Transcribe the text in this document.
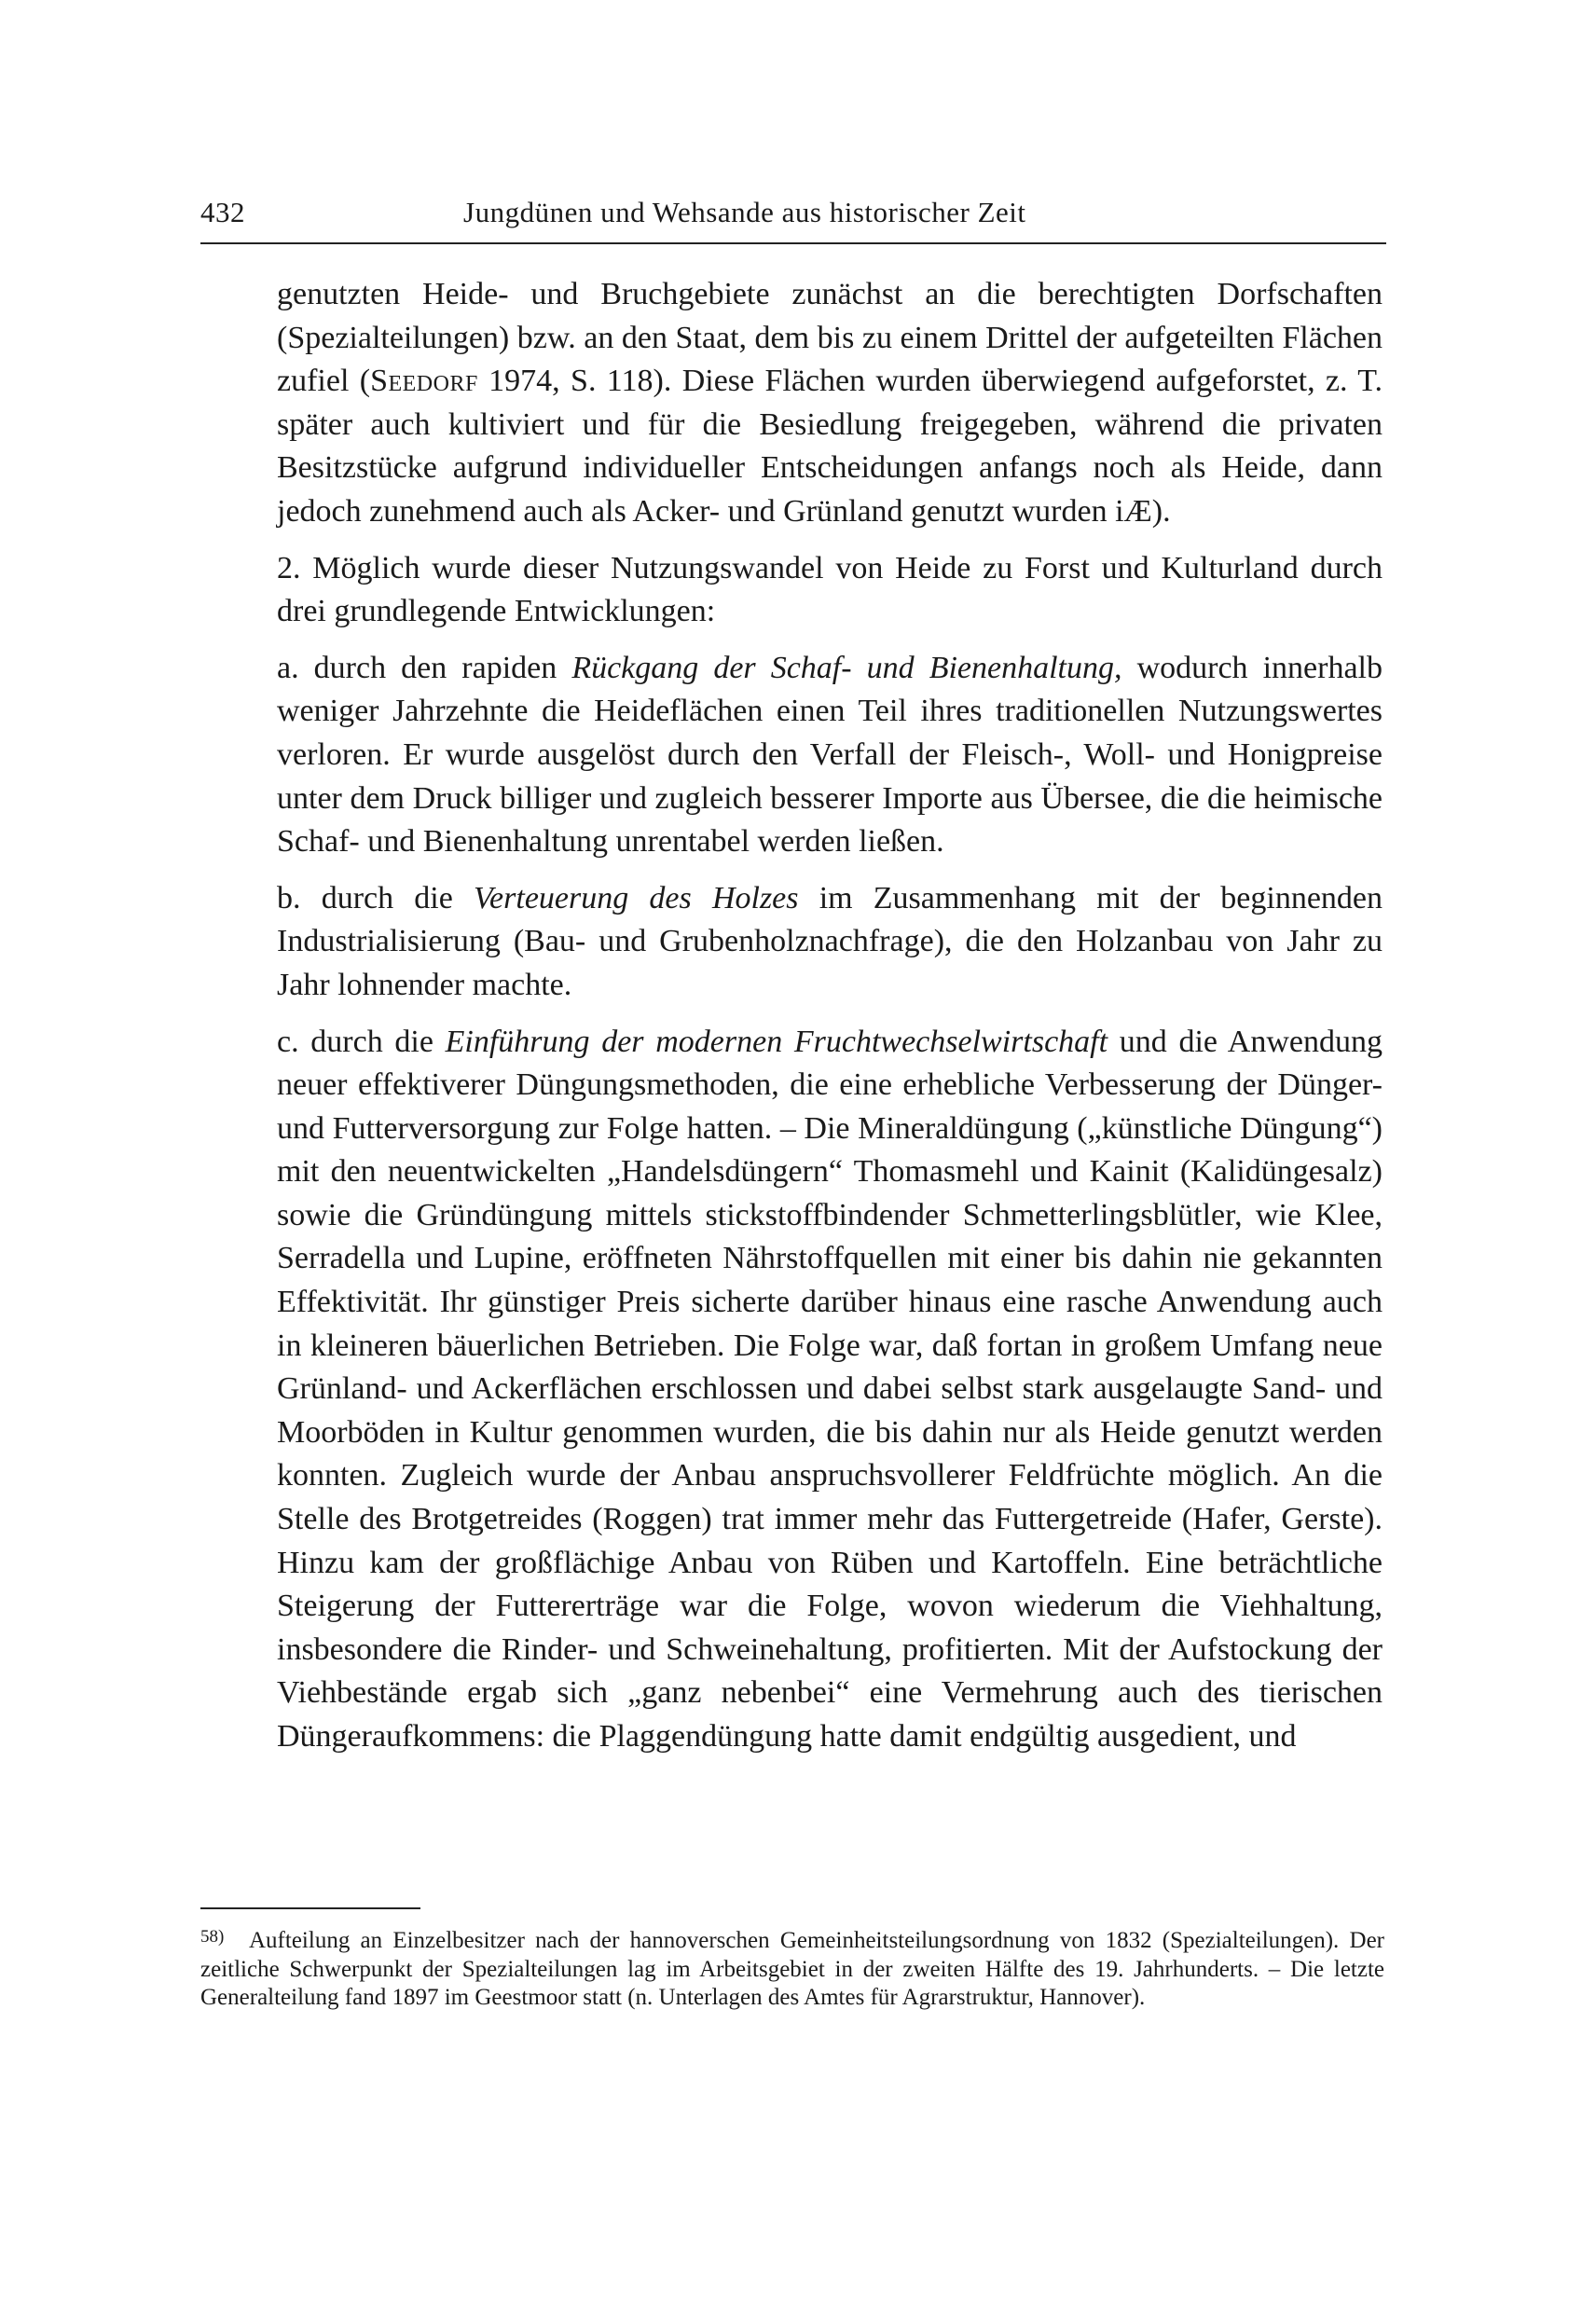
432	Jungdünen und Wehsande aus historischer Zeit

genutzten Heide- und Bruchgebiete zunächst an die berechtigten Dorfschaften (Spezialteilungen) bzw. an den Staat, dem bis zu einem Drittel der aufgeteilten Flächen zufiel (Seedorf 1974, S. 118). Diese Flächen wurden überwiegend aufgeforstet, z. T. später auch kultiviert und für die Besiedlung freigegeben, während die privaten Besitzstücke aufgrund individueller Entscheidungen anfangs noch als Heide, dann jedoch zunehmend auch als Acker- und Grünland genutzt wurden iÆ).

2. Möglich wurde dieser Nutzungswandel von Heide zu Forst und Kulturland durch drei grundlegende Entwicklungen:

a. durch den rapiden Rückgang der Schaf- und Bienenhaltung, wodurch innerhalb weniger Jahrzehnte die Heideflächen einen Teil ihres traditionellen Nutzungswertes verloren. Er wurde ausgelöst durch den Verfall der Fleisch-, Woll- und Honigpreise unter dem Druck billiger und zugleich besserer Importe aus Übersee, die die heimische Schaf- und Bienenhaltung unrentabel werden ließen.

b. durch die Verteuerung des Holzes im Zusammenhang mit der beginnenden Industrialisierung (Bau- und Grubenholznachfrage), die den Holzanbau von Jahr zu Jahr lohnender machte.

c. durch die Einführung der modernen Fruchtwechselwirtschaft und die Anwendung neuer effektiverer Düngungsmethoden, die eine erhebliche Verbesserung der Dünger- und Futterversorgung zur Folge hatten. – Die Mineraldüngung („künstliche Düngung“) mit den neuentwickelten „Handelsdüngern“ Thomasmehl und Kainit (Kalidüngesalz) sowie die Gründüngung mittels stickstoffbindender Schmetterlingsblütler, wie Klee, Serradella und Lupine, eröffneten Nährstoffquellen mit einer bis dahin nie gekannten Effektivität. Ihr günstiger Preis sicherte darüber hinaus eine rasche Anwendung auch in kleineren bäuerlichen Betrieben. Die Folge war, daß fortan in großem Umfang neue Grünland- und Ackerflächen erschlossen und dabei selbst stark ausgelaugte Sand- und Moorböden in Kultur genommen wurden, die bis dahin nur als Heide genutzt werden konnten. Zugleich wurde der Anbau anspruchsvollerer Feldfrüchte möglich. An die Stelle des Brotgetreides (Roggen) trat immer mehr das Futtergetreide (Hafer, Gerste). Hinzu kam der großflächige Anbau von Rüben und Kartoffeln. Eine beträchtliche Steigerung der Futtererträge war die Folge, wovon wiederum die Viehhaltung, insbesondere die Rinder- und Schweinehaltung, profitierten. Mit der Aufstockung der Viehbestände ergab sich „ganz nebenbei“ eine Vermehrung auch des tierischen Düngeraufkommens: die Plaggendüngung hatte damit endgültig ausgedient, und

58) Aufteilung an Einzelbesitzer nach der hannoverschen Gemeinheitsteilungsordnung von 1832 (Spezialteilungen). Der zeitliche Schwerpunkt der Spezialteilungen lag im Arbeitsgebiet in der zweiten Hälfte des 19. Jahrhunderts. – Die letzte Generalteilung fand 1897 im Geestmoor statt (n. Unterlagen des Amtes für Agrarstruktur, Hannover).
